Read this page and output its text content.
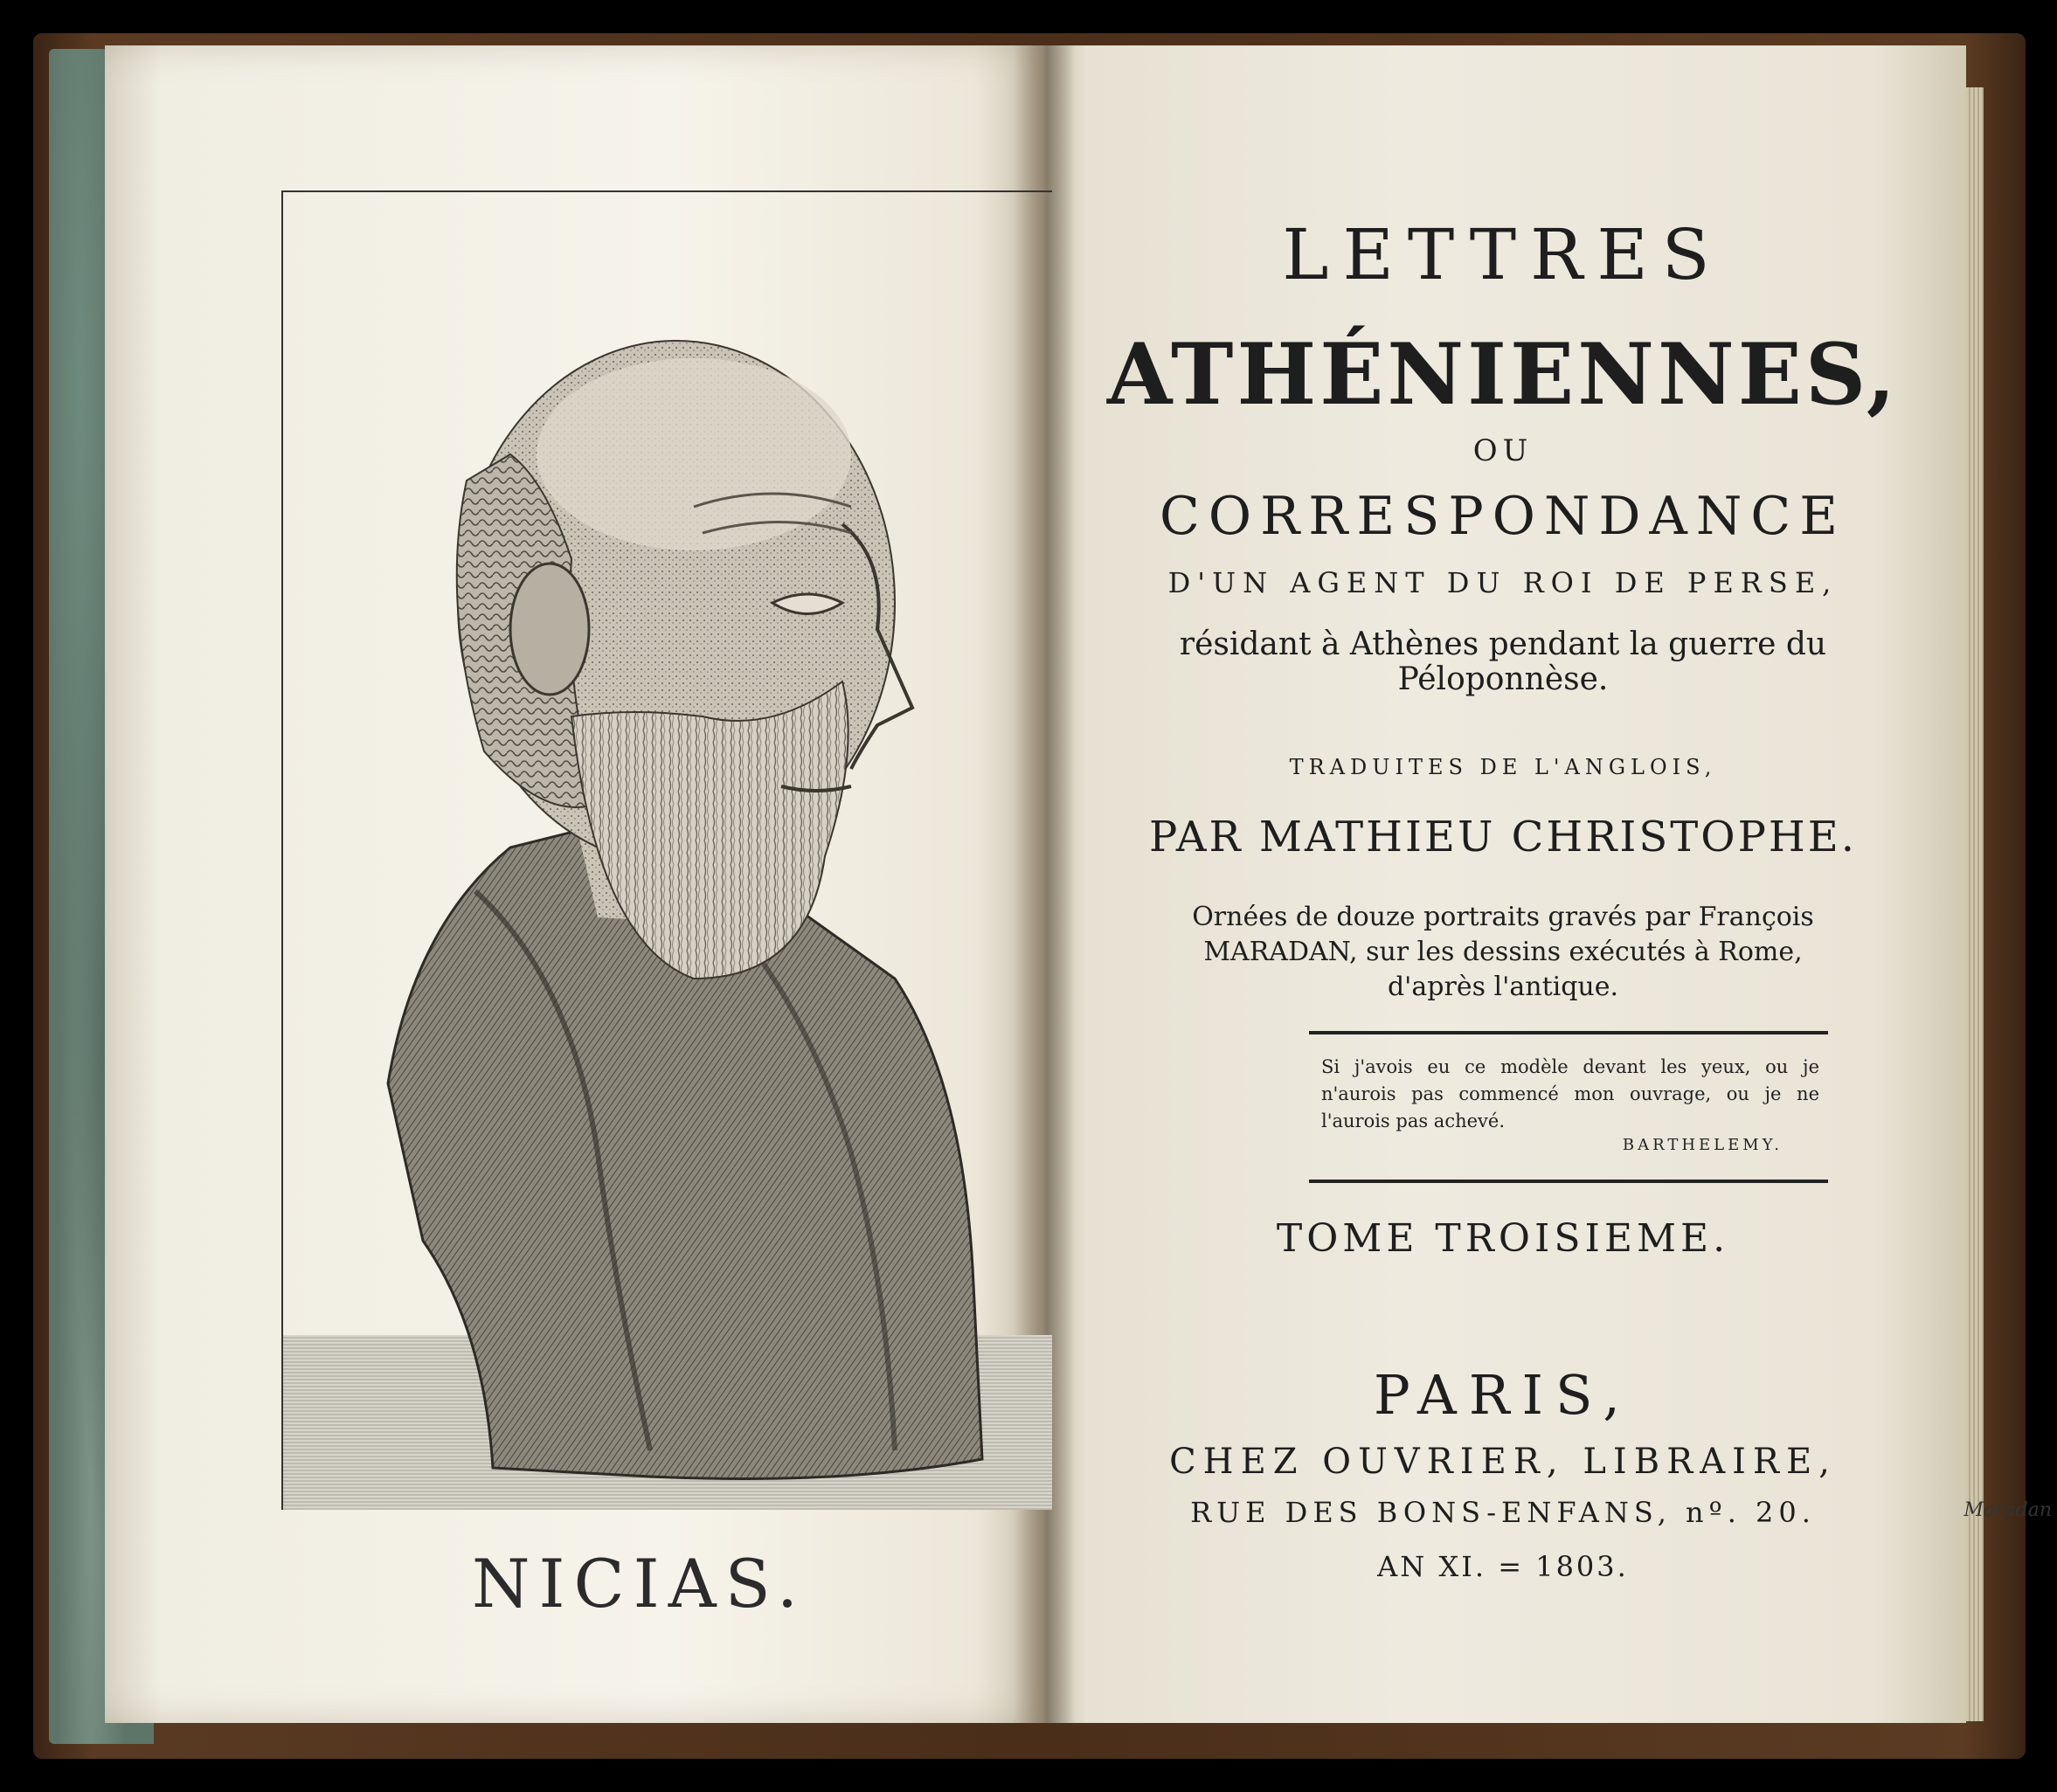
Maradan
NICIAS.
LETTRES
ATHÉNIENNES,
OU
CORRESPONDANCE
D'UN AGENT DU ROI DE PERSE,
résidant à Athènes pendant la guerre du Péloponnèse.
TRADUITES DE L'ANGLOIS,
PAR MATHIEU CHRISTOPHE.
Ornées de douze portraits gravés par François MARADAN, sur les dessins exécutés à Rome, d'après l'antique.
Si j'avois eu ce modèle devant les yeux, ou je n'aurois pas commencé mon ouvrage, ou je ne l'aurois pas achevé.
BARTHELEMY.
TOME TROISIEME.
PARIS,
CHEZ OUVRIER, LIBRAIRE,
RUE DES BONS-ENFANS, nº. 20.
AN XI. = 1803.
